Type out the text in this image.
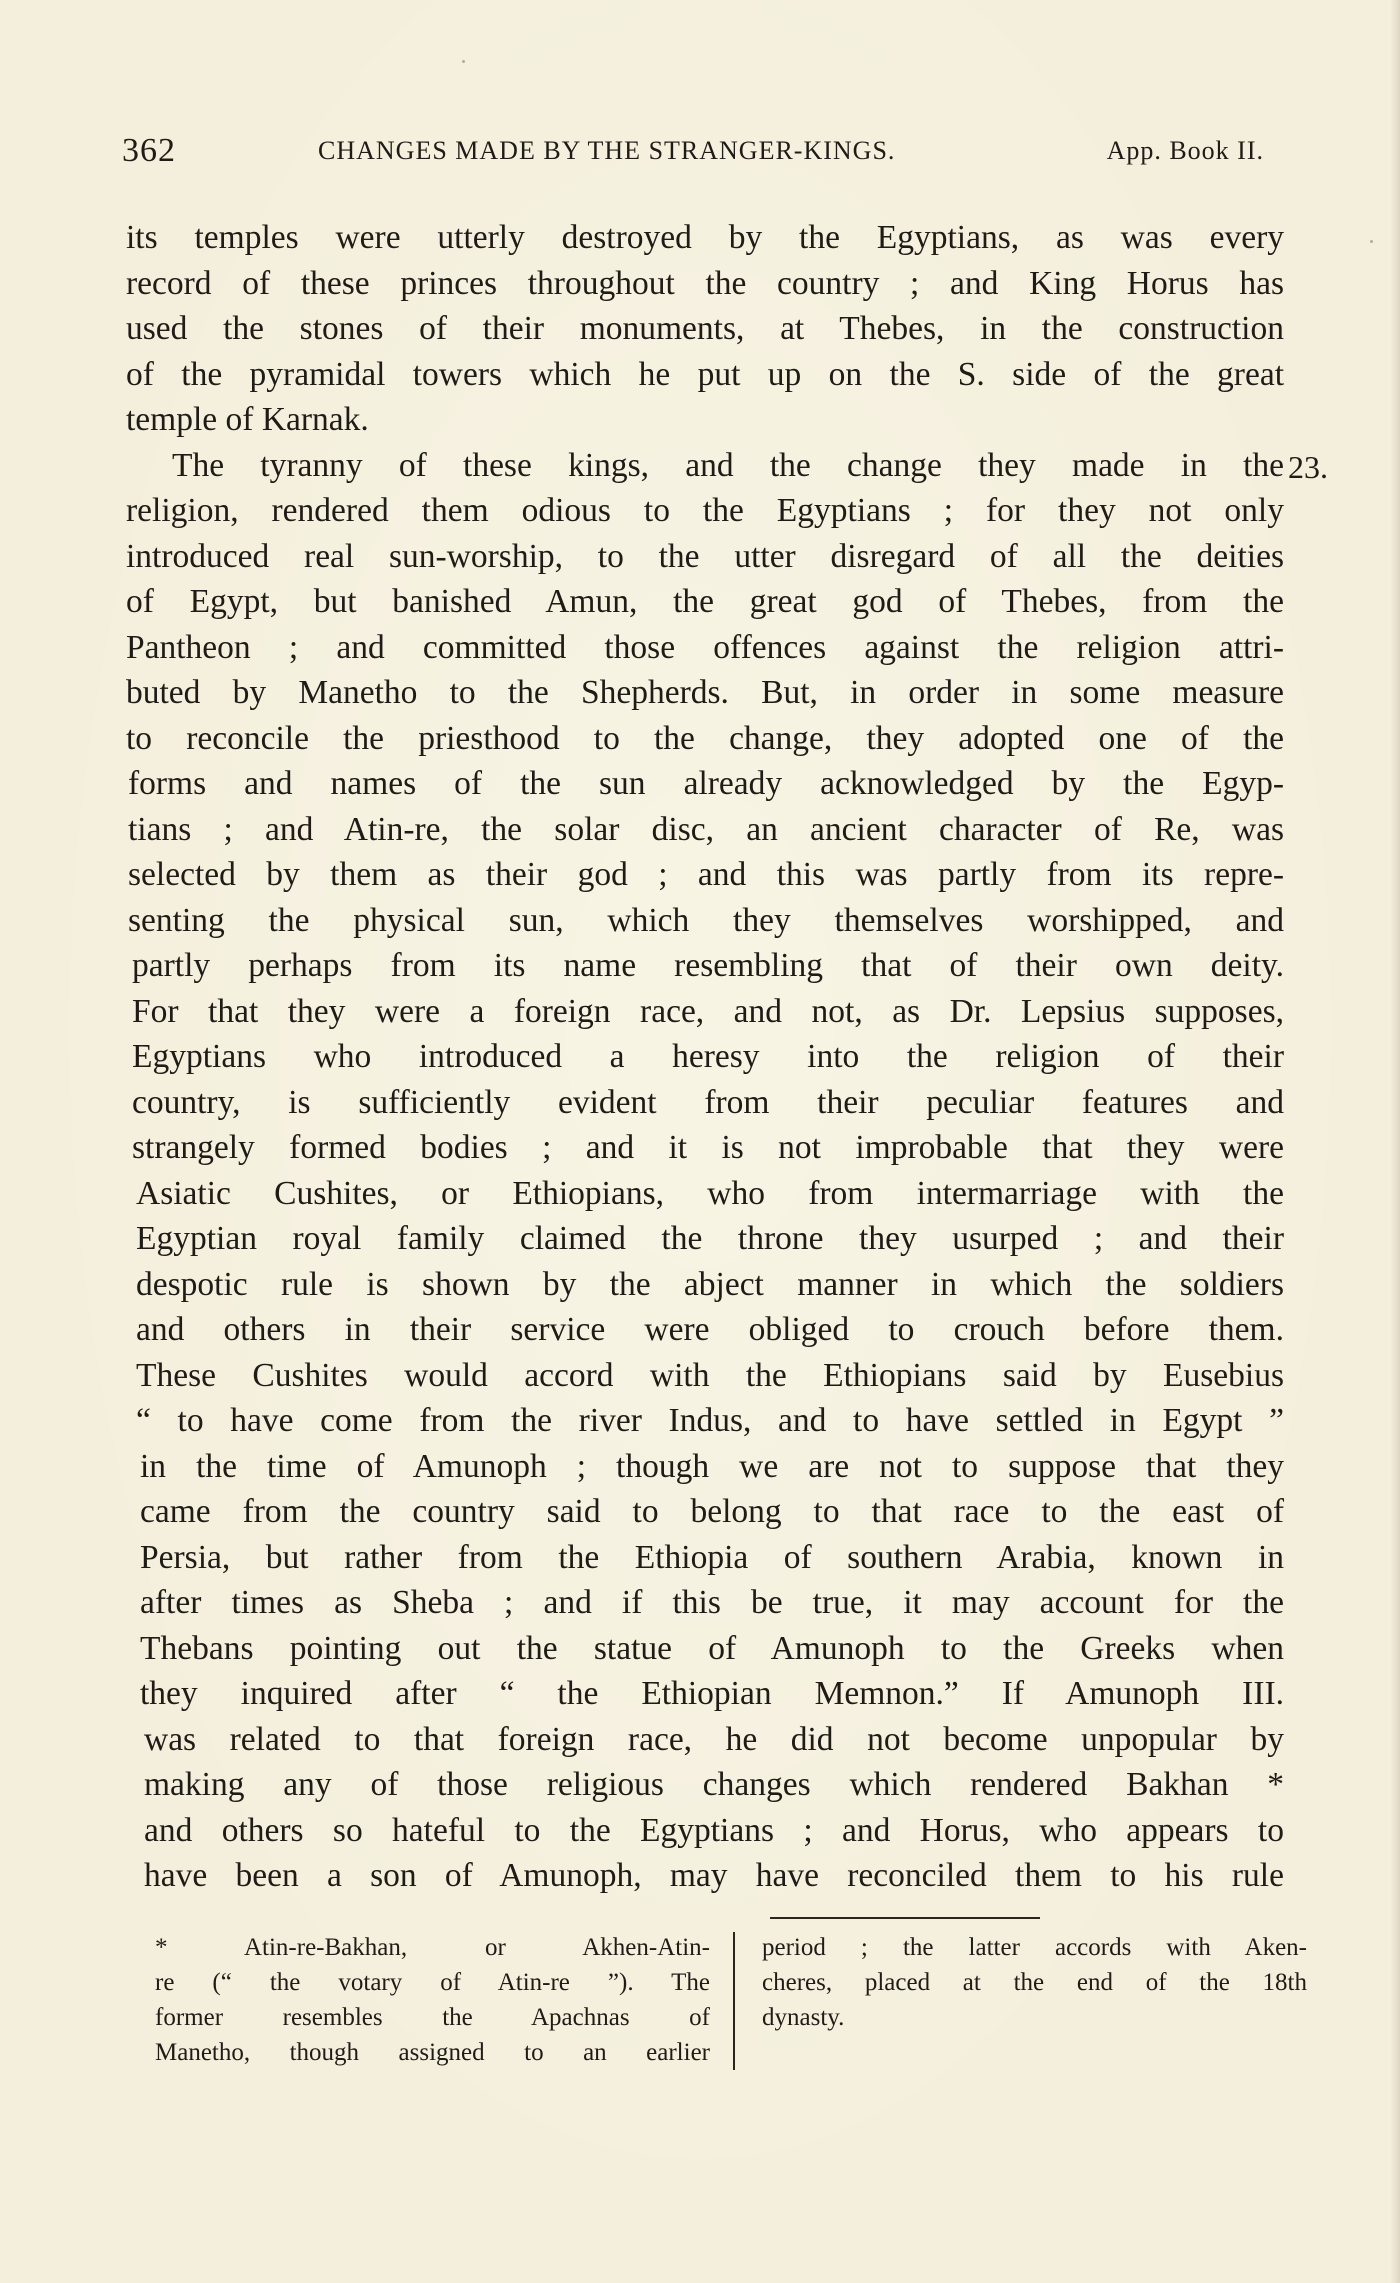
362	CHANGES MADE BY THE STRANGER-KINGS.	App. Book II.
its temples were utterly destroyed by the Egyptians, as was every
record of these princes throughout the country ; and King Horus has
used the stones of their monuments, at Thebes, in the construction
of the pyramidal towers which he put up on the S. side of the great
temple of Karnak.
The tyranny of these kings, and the change they made in the
religion, rendered them odious to the Egyptians ; for they not only
introduced real sun-worship, to the utter disregard of all the deities
of Egypt, but banished Amun, the great god of Thebes, from the
Pantheon ; and committed those offences against the religion attri-
buted by Manetho to the Shepherds. But, in order in some measure
to reconcile the priesthood to the change, they adopted one of the
forms and names of the sun already acknowledged by the Egyp-
tians ; and Atin-re, the solar disc, an ancient character of Re, was
selected by them as their god ; and this was partly from its repre-
senting the physical sun, which they themselves worshipped, and
partly perhaps from its name resembling that of their own deity.
For that they were a foreign race, and not, as Dr. Lepsius supposes,
Egyptians who introduced a heresy into the religion of their
country, is sufficiently evident from their peculiar features and
strangely formed bodies ; and it is not improbable that they were
Asiatic Cushites, or Ethiopians, who from intermarriage with the
Egyptian royal family claimed the throne they usurped ; and their
despotic rule is shown by the abject manner in which the soldiers
and others in their service were obliged to crouch before them.
These Cushites would accord with the Ethiopians said by Eusebius
“ to have come from the river Indus, and to have settled in Egypt ”
in the time of Amunoph ; though we are not to suppose that they
came from the country said to belong to that race to the east of
Persia, but rather from the Ethiopia of southern Arabia, known in
after times as Sheba ; and if this be true, it may account for the
Thebans pointing out the statue of Amunoph to the Greeks when
they inquired after “ the Ethiopian Memnon.” If Amunoph III.
was related to that foreign race, he did not become unpopular by
making any of those religious changes which rendered Bakhan *
and others so hateful to the Egyptians ; and Horus, who appears to
have been a son of Amunoph, may have reconciled them to his rule
23.
* Atin-re-Bakhan, or Akhen-Atin-
re (“ the votary of Atin-re ”). The
former resembles the Apachnas of
Manetho, though assigned to an earlier
period ; the latter accords with Aken-
cheres, placed at the end of the 18th
dynasty.
